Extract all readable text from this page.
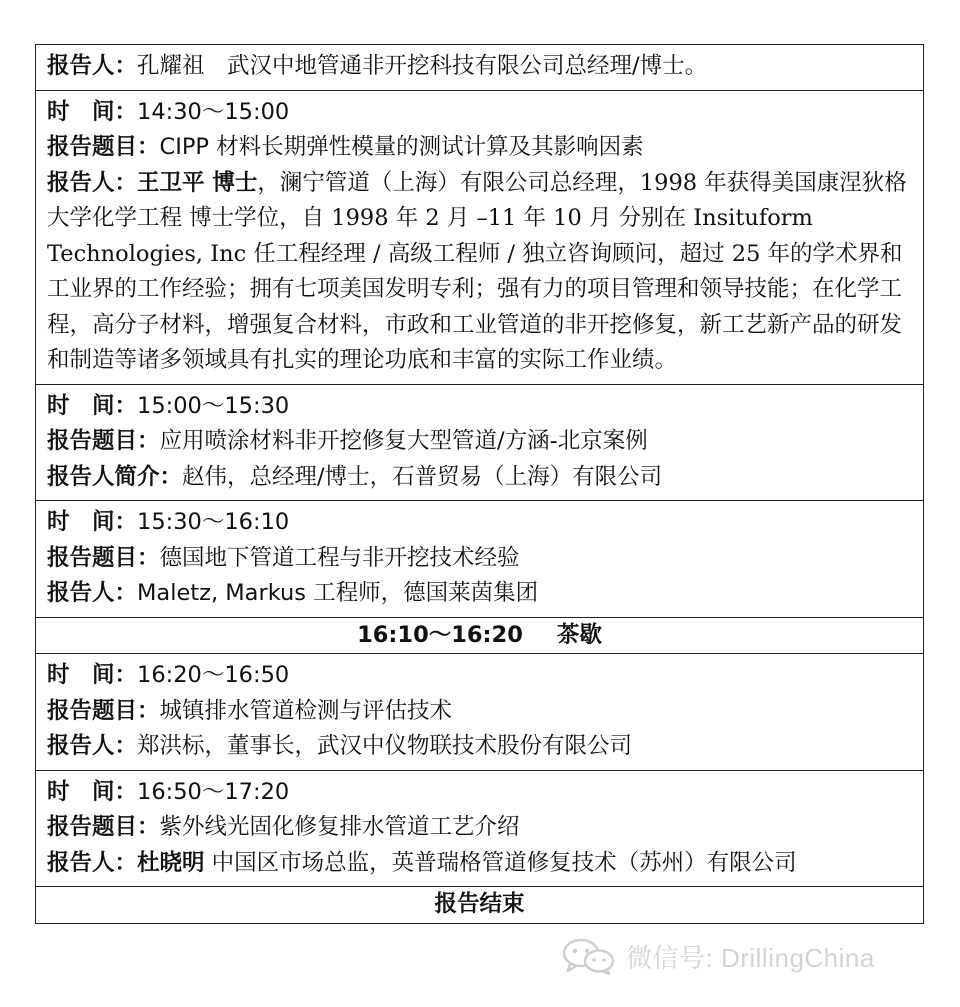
报告人：孔耀祖　武汉中地管通非开挖科技有限公司总经理/博士。

时　间：14:30～15:00
报告题目：CIPP 材料长期弹性模量的测试计算及其影响因素
报告人：王卫平 博士，澜宁管道（上海）有限公司总经理，1998 年获得美国康涅狄格大学化学工程 博士学位，自 1998 年 2 月 –11 年 10 月 分别在 Insituform Technologies, Inc 任工程经理 / 高级工程师 / 独立咨询顾问，超过 25 年的学术界和工业界的工作经验；拥有七项美国发明专利；强有力的项目管理和领导技能；在化学工程，高分子材料，增强复合材料，市政和工业管道的非开挖修复，新工艺新产品的研发和制造等诸多领域具有扎实的理论功底和丰富的实际工作业绩。

时　间：15:00～15:30
报告题目：应用喷涂材料非开挖修复大型管道/方涵-北京案例
报告人简介：赵伟，总经理/博士，石普贸易（上海）有限公司

时　间：15:30～16:10
报告题目：德国地下管道工程与非开挖技术经验
报告人：Maletz, Markus 工程师，德国莱茵集团

16:10～16:20 茶歇

时　间：16:20～16:50
报告题目：城镇排水管道检测与评估技术
报告人：郑洪标，董事长，武汉中仪物联技术股份有限公司

时　间：16:50～17:20
报告题目：紫外线光固化修复排水管道工艺介绍
报告人：杜晓明 中国区市场总监，英普瑞格管道修复技术（苏州）有限公司

报告结束
微信号: DrillingChina
